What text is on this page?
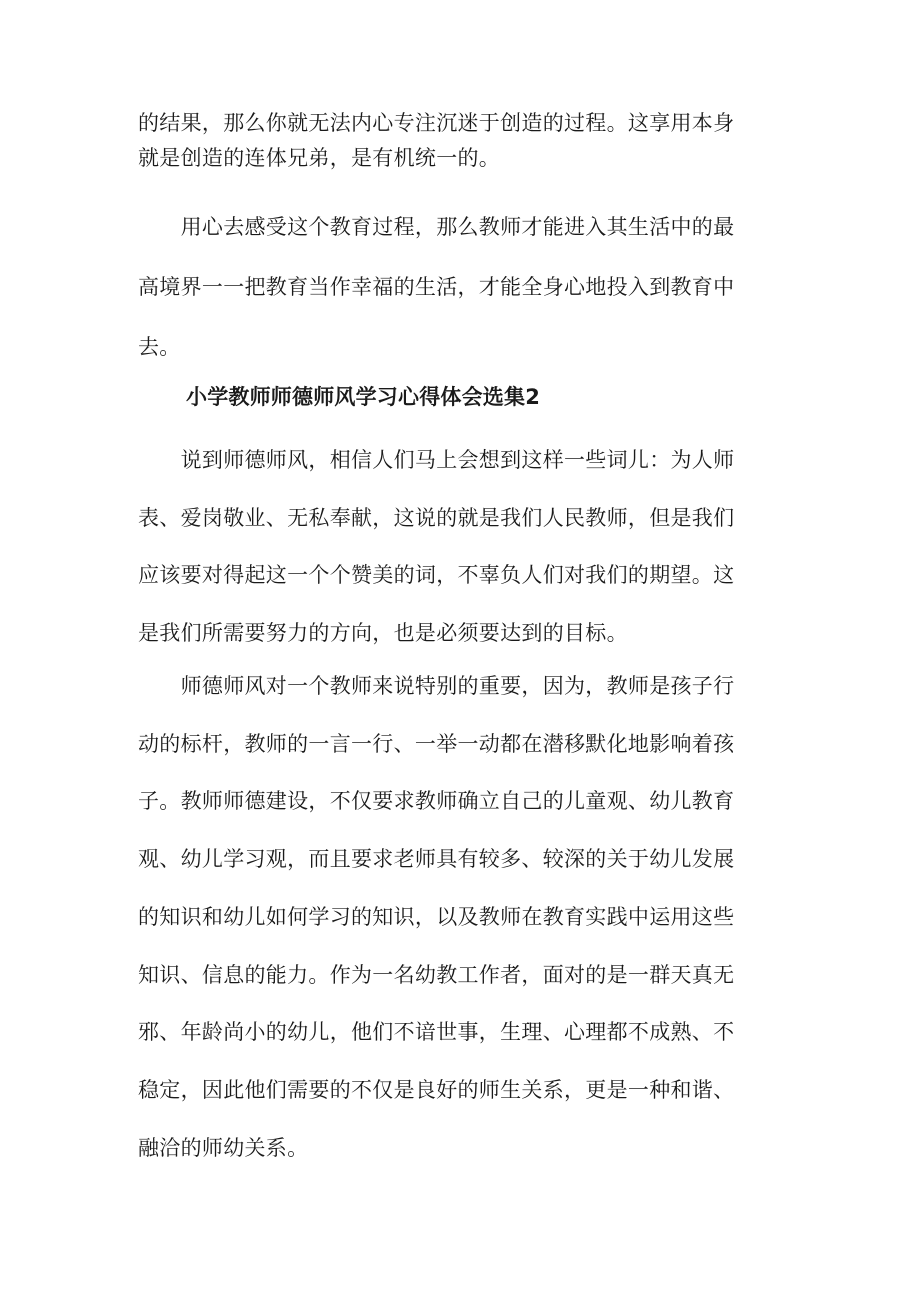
的结果，那么你就无法内心专注沉迷于创造的过程。这享用本身
就是创造的连体兄弟，是有机统一的。

　　用心去感受这个教育过程，那么教师才能进入其生活中的最
高境界一一把教育当作幸福的生活，才能全身心地投入到教育中
去。

小学教师师德师风学习心得体会选集2

　　说到师德师风，相信人们马上会想到这样一些词儿：为人师
表、爱岗敬业、无私奉献，这说的就是我们人民教师，但是我们
应该要对得起这一个个赞美的词，不辜负人们对我们的期望。这
是我们所需要努力的方向，也是必须要达到的目标。

　　师德师风对一个教师来说特别的重要，因为，教师是孩子行
动的标杆，教师的一言一行、一举一动都在潜移默化地影响着孩
子。教师师德建设，不仅要求教师确立自己的儿童观、幼儿教育
观、幼儿学习观，而且要求老师具有较多、较深的关于幼儿发展
的知识和幼儿如何学习的知识，以及教师在教育实践中运用这些
知识、信息的能力。作为一名幼教工作者，面对的是一群天真无
邪、年龄尚小的幼儿，他们不谙世事，生理、心理都不成熟、不
稳定，因此他们需要的不仅是良好的师生关系，更是一种和谐、
融洽的师幼关系。
